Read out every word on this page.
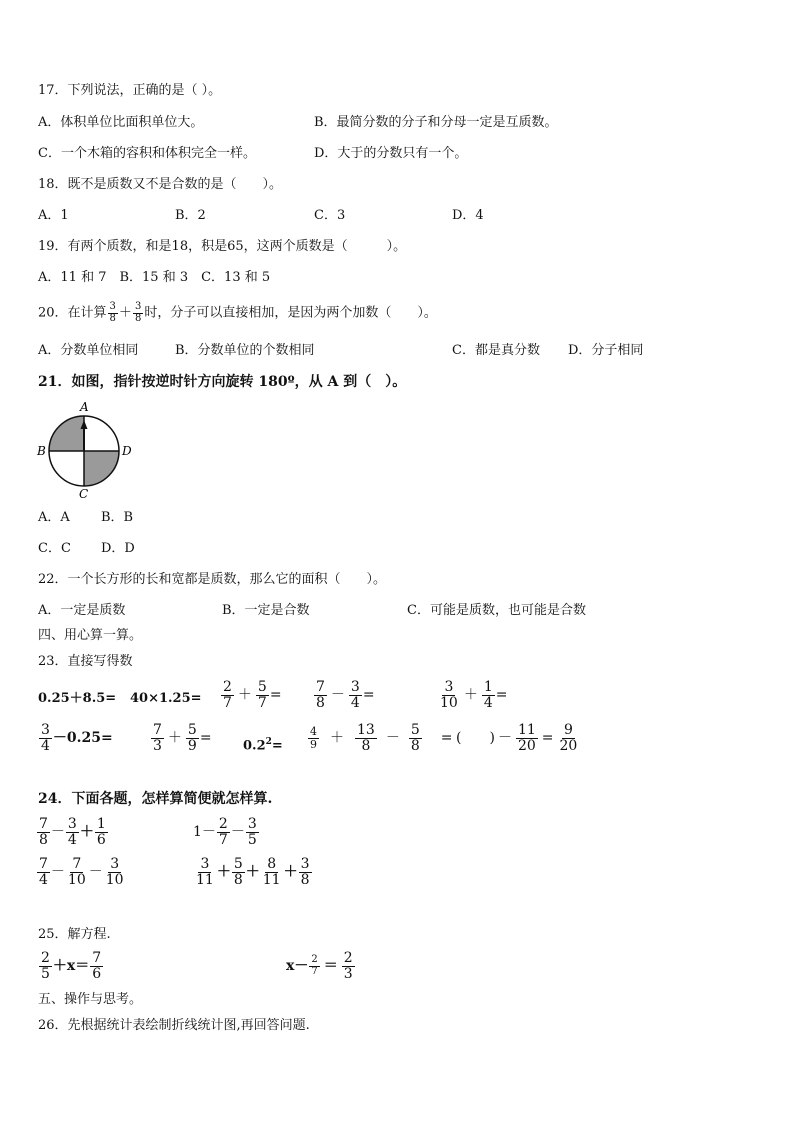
17．下列说法，正确的是（ ）。
A．体积单位比面积单位大。	B．最简分数的分子和分母一定是互质数。
C．一个木箱的容积和体积完全一样。	D．大于的分数只有一个。
18．既不是质数又不是合数的是（　　）。
A．1	B．2	C．3	D．4
19．有两个质数，和是18，积是65，这两个质数是（　　　）。
A．11 和 7　B．15 和 3　C．13 和 5
20．在计算 $\frac{3}{8} + \frac{3}{8}$ 时，分子可以直接相加，是因为两个加数（　　）。
A．分数单位相同	B．分数单位的个数相同	C．都是真分数 D．分子相同
21．如图，指针按逆时针方向旋转 180º，从 A 到（　）。
A
B	D
C
A．A B．B
C．C D．D
22．一个长方形的长和宽都是质数，那么它的面积（　　）。
A．一定是质数	B．一定是合数	C．可能是质数，也可能是合数
四、用心算一算。
23．直接写得数
$0.25+8.5= 40\times 1.25= \frac{2}{7} + \frac{5}{7} = \frac{7}{8} - \frac{3}{4}$ =	$\frac{3}{10} + \frac{1}{4}$ =
$\frac{3}{4} -0.25=$	$\frac{7}{3} + \frac{5}{9} = 0.2^2= \frac{4}{9} + \frac{13}{8} - \frac{5}{8}$ = (　　) － $\frac{11}{20} = \frac{9}{20}$
24．下面各题，怎样算简便就怎样算.
$\frac{7}{8} - \frac{3}{4} + \frac{1}{6}$	$1- \frac{2}{7} - \frac{3}{5}$
$\frac{7}{4} - \frac{7}{10} - \frac{3}{10}$	$\frac{3}{11} + \frac{5}{8} + \frac{8}{11} + \frac{3}{8}$
25．解方程.
$\frac{2}{5} +x= \frac{7}{6}$	$x- \frac{2}{7} = \frac{2}{3}$
五、操作与思考。
26．先根据统计表绘制折线统计图,再回答问题.
